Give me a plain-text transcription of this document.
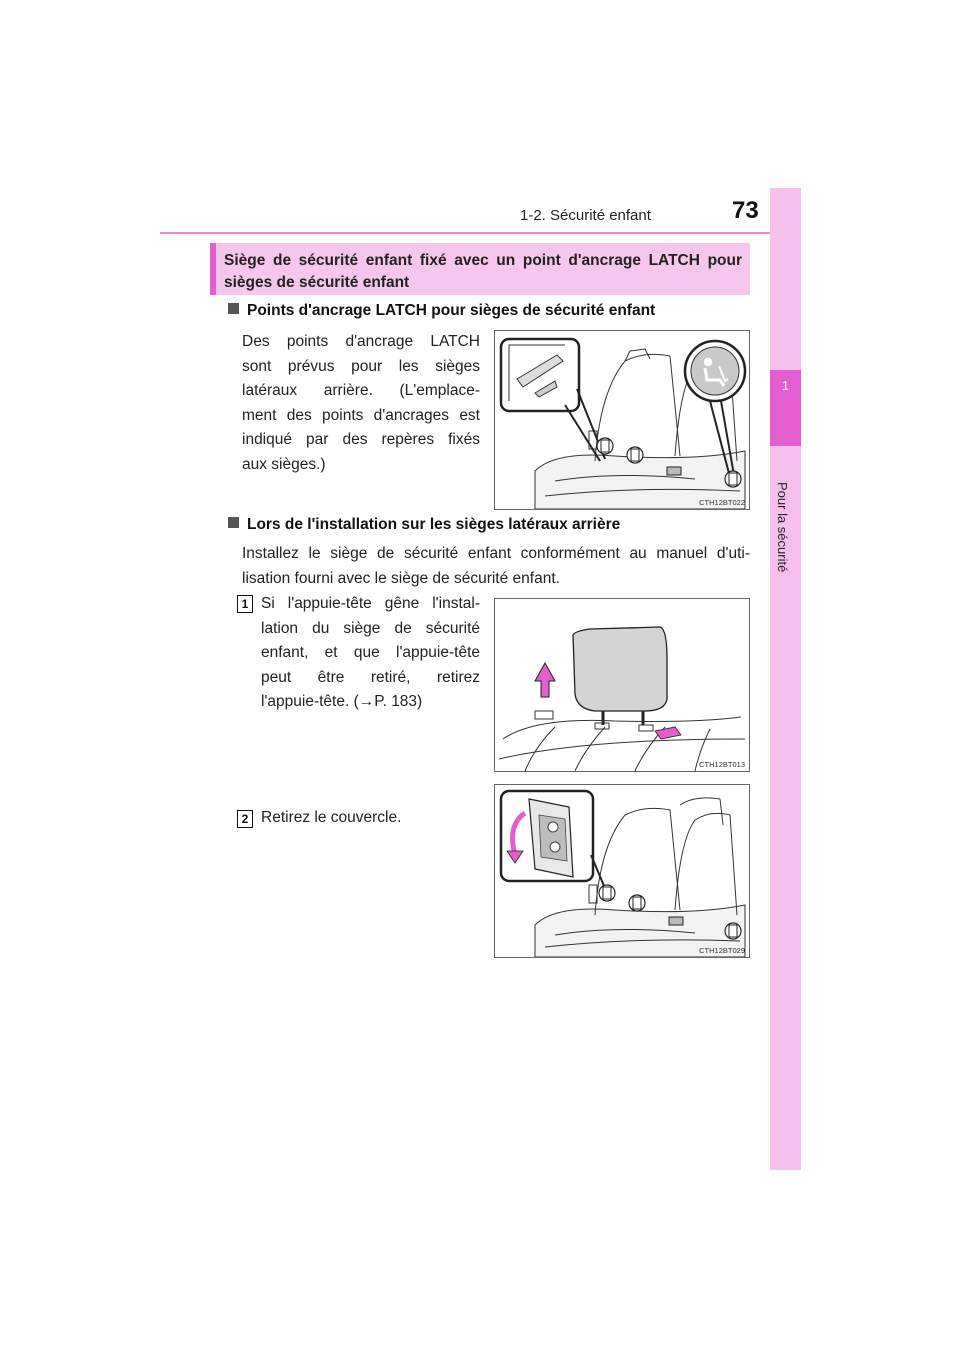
1-2. Sécurité enfant	73
1
Pour la sécurité
Siège de sécurité enfant fixé avec un point d'ancrage LATCH pour sièges de sécurité enfant
Points d'ancrage LATCH pour sièges de sécurité enfant
Des points d'ancrage LATCH
sont prévus pour les sièges
latéraux arrière. (L'emplace-
ment des points d'ancrages est
indiqué par des repères fixés
aux sièges.)
CTH12BT022
Lors de l'installation sur les sièges latéraux arrière
Installez le siège de sécurité enfant conformément au manuel d'uti-
lisation fourni avec le siège de sécurité enfant.
1 Si l'appuie-tête gêne l'instal-
lation du siège de sécurité
enfant, et que l'appuie-tête
peut être retiré, retirez
l'appuie-tête. (→P. 183)
CTH12BT013
2 Retirez le couvercle.
CTH12BT029
